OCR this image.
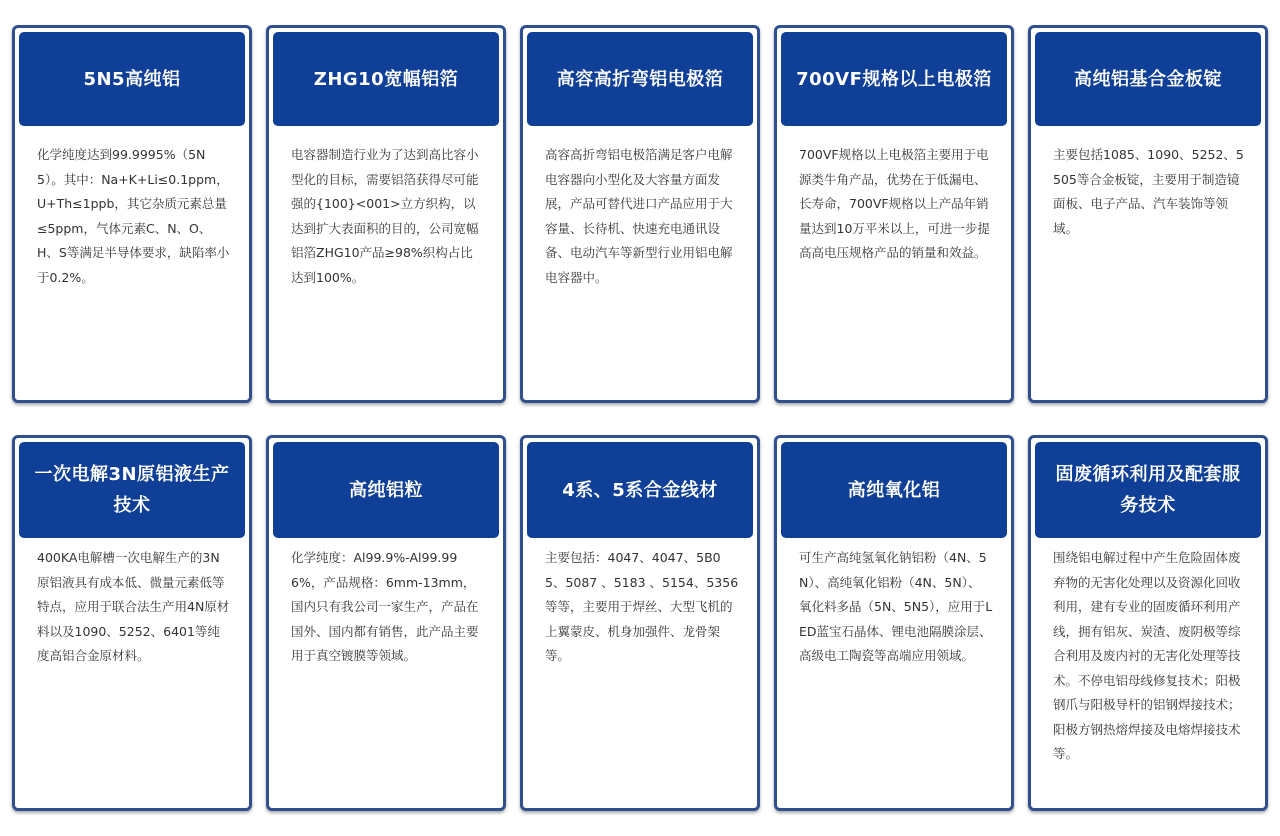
5N5高纯铝
化学纯度达到99.9995%（5N5）。其中：Na+K+Li≤0.1ppm，U+Th≤1ppb，其它杂质元素总量≤5ppm，气体元素C、N、O、H、S等满足半导体要求，缺陷率小于0.2%。
ZHG10宽幅铝箔
电容器制造行业为了达到高比容小型化的目标，需要铝箔获得尽可能强的{100}<001>立方织构，以达到扩大表面积的目的，公司宽幅铝箔ZHG10产品≥98%织构占比达到100%。
高容高折弯铝电极箔
高容高折弯铝电极箔满足客户电解电容器向小型化及大容量方面发展，产品可替代进口产品应用于大容量、长待机、快速充电通讯设备、电动汽车等新型行业用铝电解电容器中。
700VF规格以上电极箔
700VF规格以上电极箔主要用于电源类牛角产品，优势在于低漏电、长寿命，700VF规格以上产品年销量达到10万平米以上，可进一步提高高电压规格产品的销量和效益。
高纯铝基合金板锭
主要包括1085、1090、5252、5505等合金板锭，主要用于制造镜面板、电子产品、汽车装饰等领域。
一次电解3N原铝液生产技术
400KA电解槽一次电解生产的3N原铝液具有成本低、微量元素低等特点，应用于联合法生产用4N原材料以及1090、5252、6401等纯度高铝合金原材料。
高纯铝粒
化学纯度：Al99.9%-Al99.996%，产品规格：6mm-13mm，国内只有我公司一家生产，产品在国外、国内都有销售，此产品主要用于真空镀膜等领域。
4系、5系合金线材
主要包括：4047、4047、5B05、5087 、5183 、5154、5356等等，主要用于焊丝、大型飞机的上翼蒙皮、机身加强件、龙骨架等。
高纯氧化铝
可生产高纯氢氧化钠铝粉（4N、5N）、高纯氧化铝粉（4N、5N）、 氧化料多晶（5N、5N5），应用于LED蓝宝石晶体、锂电池隔膜涂层、高级电工陶瓷等高端应用领域。
固废循环利用及配套服务技术
围绕铝电解过程中产生危险固体废弃物的无害化处理以及资源化回收利用，建有专业的固废循环利用产线，拥有铝灰、炭渣、废阴极等综合利用及废内衬的无害化处理等技术。不停电铝母线修复技术；阳极钢爪与阳极导杆的铝钢焊接技术；阳极方钢热熔焊接及电熔焊接技术等。
